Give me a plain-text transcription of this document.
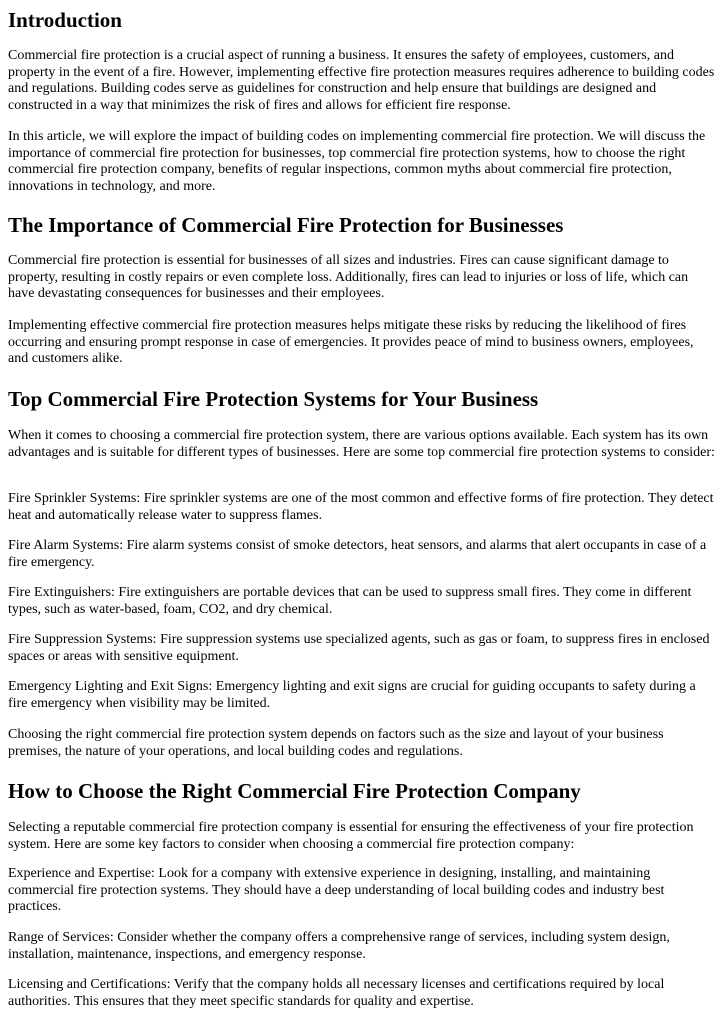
Introduction

Commercial fire protection is a crucial aspect of running a business. It ensures the safety of employees, customers, and property in the event of a fire. However, implementing effective fire protection measures requires adherence to building codes and regulations. Building codes serve as guidelines for construction and help ensure that buildings are designed and constructed in a way that minimizes the risk of fires and allows for efficient fire response.

In this article, we will explore the impact of building codes on implementing commercial fire protection. We will discuss the importance of commercial fire protection for businesses, top commercial fire protection systems, how to choose the right commercial fire protection company, benefits of regular inspections, common myths about commercial fire protection, innovations in technology, and more.

The Importance of Commercial Fire Protection for Businesses

Commercial fire protection is essential for businesses of all sizes and industries. Fires can cause significant damage to property, resulting in costly repairs or even complete loss. Additionally, fires can lead to injuries or loss of life, which can have devastating consequences for businesses and their employees.

Implementing effective commercial fire protection measures helps mitigate these risks by reducing the likelihood of fires occurring and ensuring prompt response in case of emergencies. It provides peace of mind to business owners, employees, and customers alike.

Top Commercial Fire Protection Systems for Your Business

When it comes to choosing a commercial fire protection system, there are various options available. Each system has its own advantages and is suitable for different types of businesses. Here are some top commercial fire protection systems to consider:

Fire Sprinkler Systems: Fire sprinkler systems are one of the most common and effective forms of fire protection. They detect heat and automatically release water to suppress flames.

Fire Alarm Systems: Fire alarm systems consist of smoke detectors, heat sensors, and alarms that alert occupants in case of a fire emergency.

Fire Extinguishers: Fire extinguishers are portable devices that can be used to suppress small fires. They come in different types, such as water-based, foam, CO2, and dry chemical.

Fire Suppression Systems: Fire suppression systems use specialized agents, such as gas or foam, to suppress fires in enclosed spaces or areas with sensitive equipment.

Emergency Lighting and Exit Signs: Emergency lighting and exit signs are crucial for guiding occupants to safety during a fire emergency when visibility may be limited.

Choosing the right commercial fire protection system depends on factors such as the size and layout of your business premises, the nature of your operations, and local building codes and regulations.

How to Choose the Right Commercial Fire Protection Company

Selecting a reputable commercial fire protection company is essential for ensuring the effectiveness of your fire protection system. Here are some key factors to consider when choosing a commercial fire protection company:

Experience and Expertise: Look for a company with extensive experience in designing, installing, and maintaining commercial fire protection systems. They should have a deep understanding of local building codes and industry best practices.

Range of Services: Consider whether the company offers a comprehensive range of services, including system design, installation, maintenance, inspections, and emergency response.

Licensing and Certifications: Verify that the company holds all necessary licenses and certifications required by local authorities. This ensures that they meet specific standards for quality and expertise.
